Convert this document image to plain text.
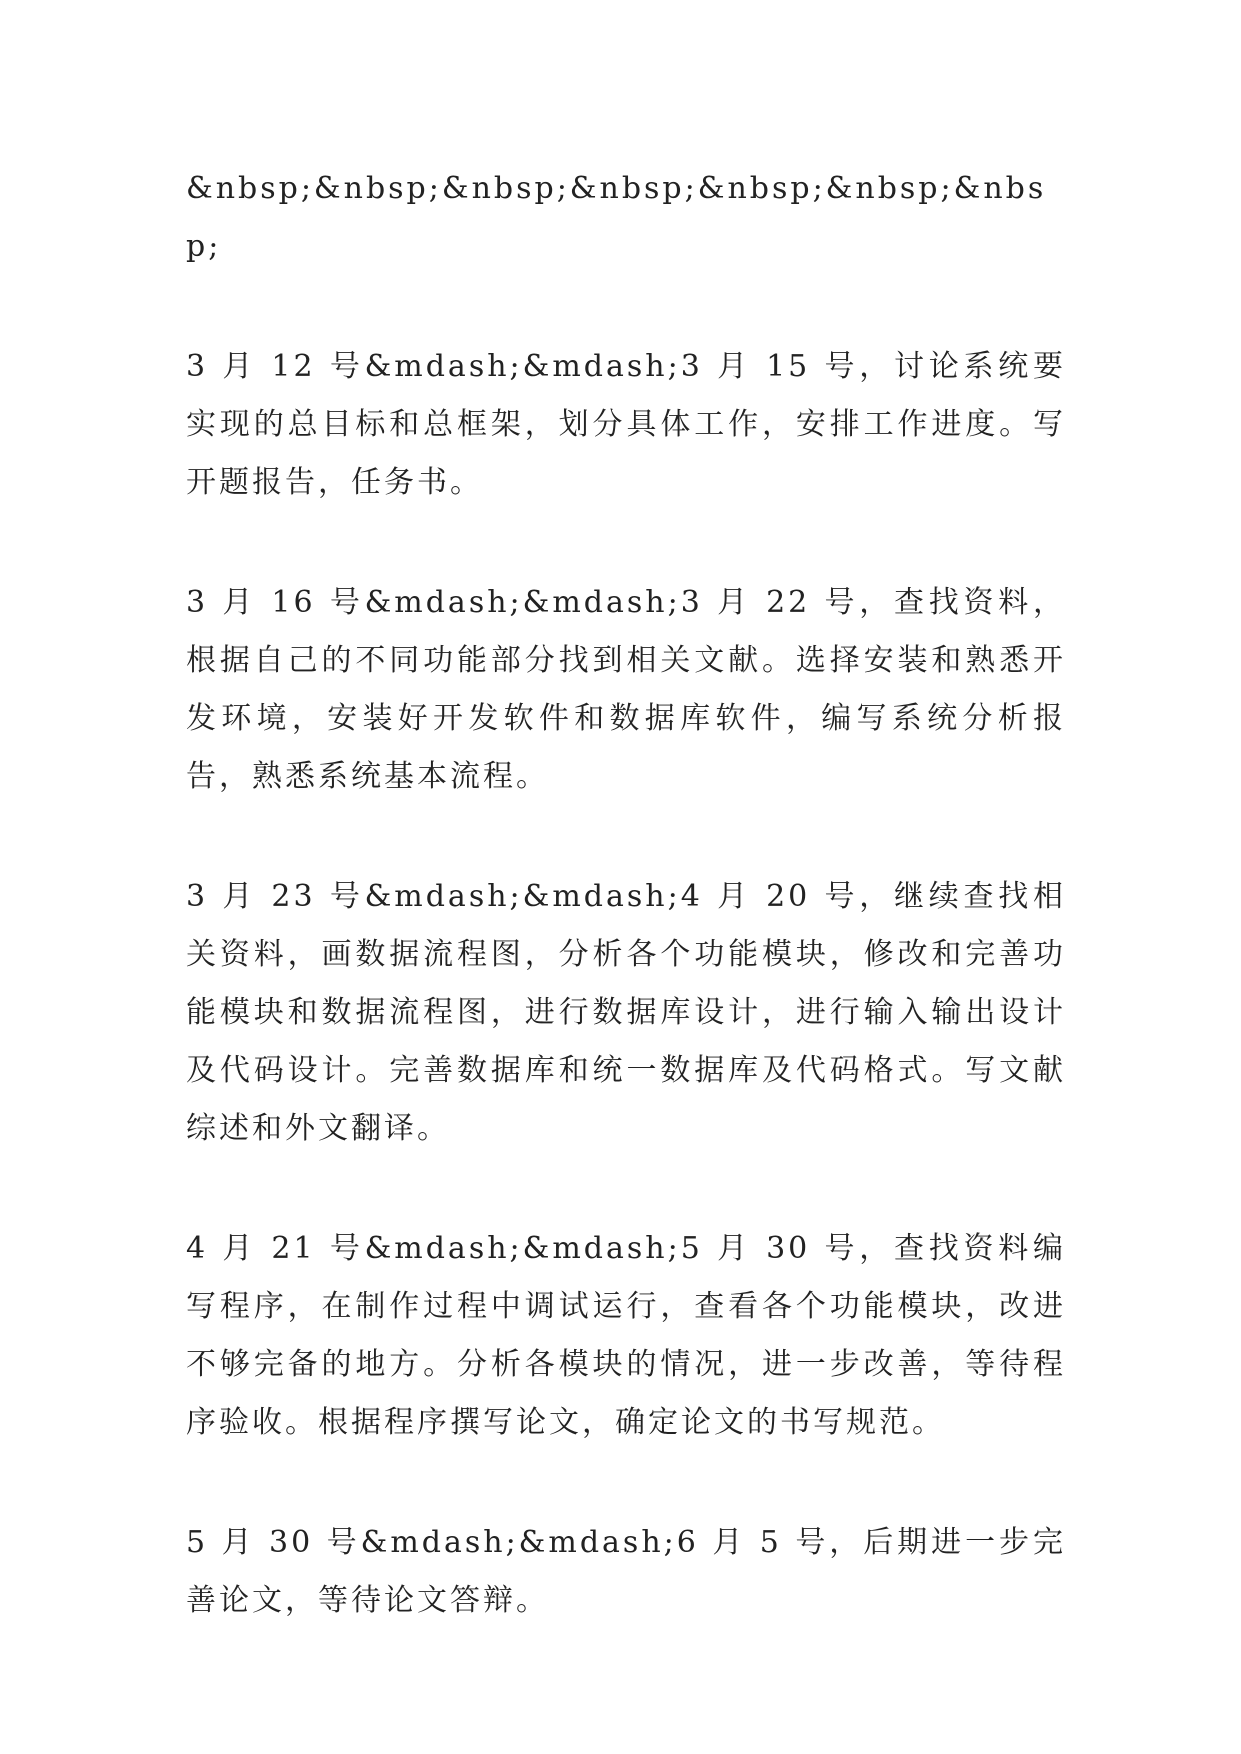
&nbsp;&nbsp;&nbsp;&nbsp;&nbsp;&nbsp;&nbsp;

3 月 12 号&mdash;&mdash;3 月 15 号，讨论系统要实现的总目标和总框架，划分具体工作，安排工作进度。写开题报告，任务书。

3 月 16 号&mdash;&mdash;3 月 22 号，查找资料，根据自己的不同功能部分找到相关文献。选择安装和熟悉开发环境，安装好开发软件和数据库软件，编写系统分析报告，熟悉系统基本流程。

3 月 23 号&mdash;&mdash;4 月 20 号，继续查找相关资料，画数据流程图，分析各个功能模块，修改和完善功能模块和数据流程图，进行数据库设计，进行输入输出设计及代码设计。完善数据库和统一数据库及代码格式。写文献综述和外文翻译。

4 月 21 号&mdash;&mdash;5 月 30 号，查找资料编写程序，在制作过程中调试运行，查看各个功能模块，改进不够完备的地方。分析各模块的情况，进一步改善，等待程序验收。根据程序撰写论文，确定论文的书写规范。

5 月 30 号&mdash;&mdash;6 月 5 号，后期进一步完善论文，等待论文答辩。
